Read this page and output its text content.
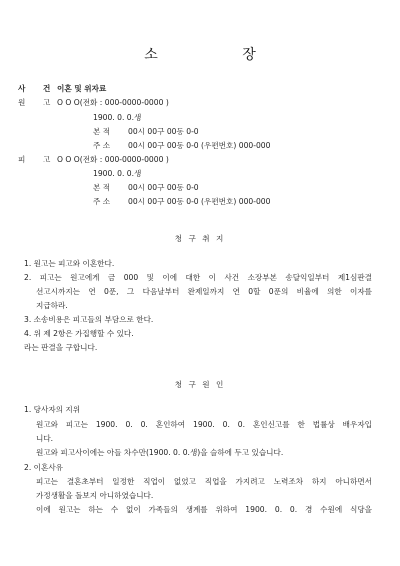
소 장
사 건 이혼 및 위자료
원 고 O O O(전화 : 000-0000-0000 )
1900. 0. 0.생
본 적 00시 00구 00동 0-0
주 소 00시 00구 00동 0-0 (우편번호) 000-000
피 고 O O O(전화 : 000-0000-0000 )
1900. 0. 0.생
본 적 00시 00구 00동 0-0
주 소 00시 00구 00동 0-0 (우편번호) 000-000
청 구 취 지
1. 원고는 피고와 이혼한다.
2. 피고는 원고에게 금 000 및 이에 대한 이 사건 소장부본 송달익일부터 제1심판결
선고시까지는 연 0푼, 그 다음날부터 완제일까지 연 0할 0푼의 비율에 의한 이자를
지급하라.
3. 소송비용은 피고들의 부담으로 한다.
4. 위 제 2항은 가집행할 수 있다.
라는 판결을 구합니다.
청 구 원 인
1. 당사자의 지위
원고와 피고는 1900. 0. 0. 혼인하여 1900. 0. 0. 혼인신고를 한 법률상 배우자입
니다.
원고와 피고사이에는 아들 차수만(1900. 0. 0.생)을 슬하에 두고 있습니다.
2. 이혼사유
피고는 결혼초부터 일정한 직업이 없었고 직업을 가지려고 노력조차 하지 아니하면서
가정생활을 돌보지 아니하였습니다.
이에 원고는 하는 수 없이 가족들의 생계를 위하여 1900. 0. 0. 경 수원에 식당을
